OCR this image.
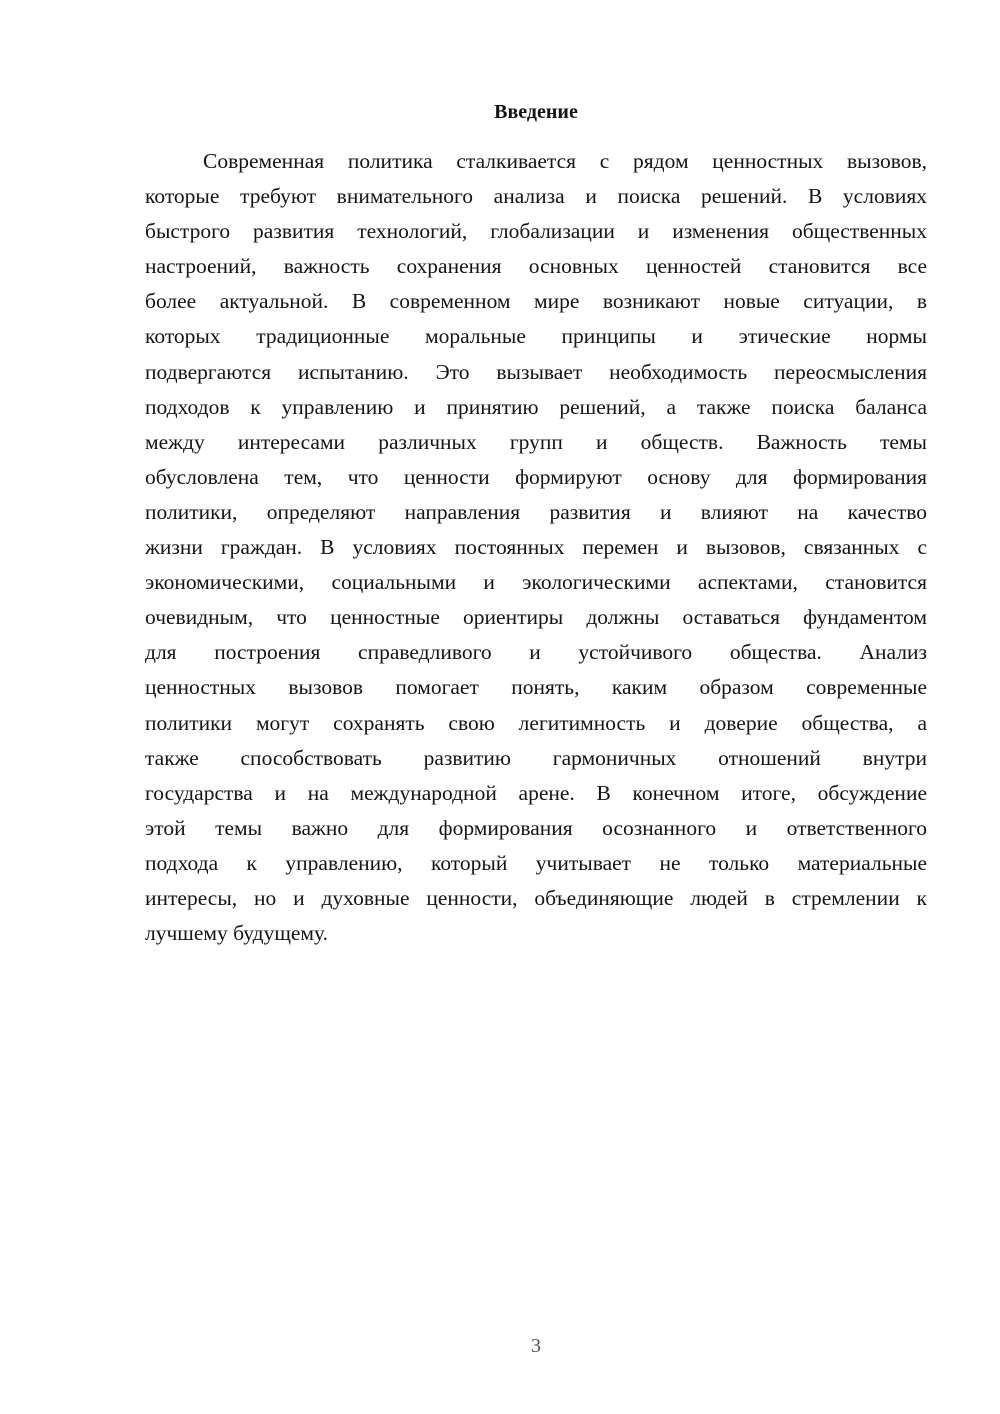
Введение
Современная политика сталкивается с рядом ценностных вызовов,
которые требуют внимательного анализа и поиска решений. В условиях
быстрого развития технологий, глобализации и изменения общественных
настроений, важность сохранения основных ценностей становится все
более актуальной. В современном мире возникают новые ситуации, в
которых традиционные моральные принципы и этические нормы
подвергаются испытанию. Это вызывает необходимость переосмысления
подходов к управлению и принятию решений, а также поиска баланса
между интересами различных групп и обществ. Важность темы
обусловлена тем, что ценности формируют основу для формирования
политики, определяют направления развития и влияют на качество
жизни граждан. В условиях постоянных перемен и вызовов, связанных с
экономическими, социальными и экологическими аспектами, становится
очевидным, что ценностные ориентиры должны оставаться фундаментом
для построения справедливого и устойчивого общества. Анализ
ценностных вызовов помогает понять, каким образом современные
политики могут сохранять свою легитимность и доверие общества, а
также способствовать развитию гармоничных отношений внутри
государства и на международной арене. В конечном итоге, обсуждение
этой темы важно для формирования осознанного и ответственного
подхода к управлению, который учитывает не только материальные
интересы, но и духовные ценности, объединяющие людей в стремлении к
лучшему будущему.
3
